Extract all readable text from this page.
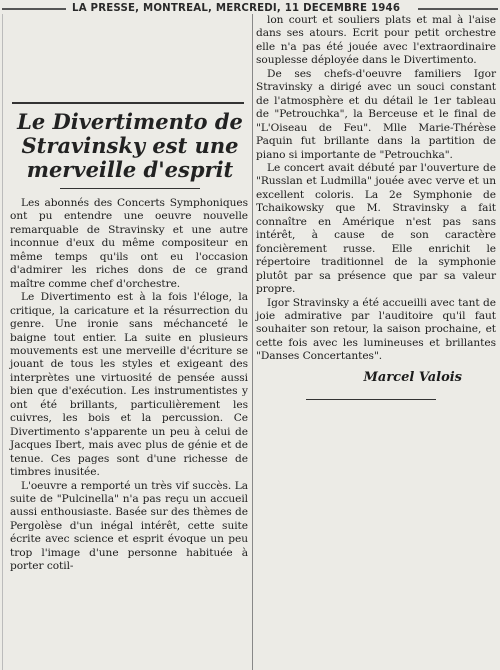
LA PRESSE, MONTREAL, MERCREDI, 11 DECEMBRE 1946
Le Divertimento de Stravinsky est une merveille d'esprit

Les abonnés des Concerts Symphoniques ont pu entendre une oeuvre nouvelle remarquable de Stravinsky et une autre inconnue d'eux du même compositeur en même temps qu'ils ont eu l'occasion d'admirer les riches dons de ce grand maître comme chef d'orchestre.

Le Divertimento est à la fois l'éloge, la critique, la caricature et la résurrection du genre. Une ironie sans méchanceté le baigne tout entier. La suite en plusieurs mouvements est une merveille d'écriture se jouant de tous les styles et exigeant des interprètes une virtuosité de pensée aussi bien que d'exécution. Les instrumentistes y ont été brillants, particulièrement les cuivres, les bois et la percussion. Ce Divertimento s'apparente un peu à celui de Jacques Ibert, mais avec plus de génie et de tenue. Ces pages sont d'une richesse de timbres inusitée.

L'oeuvre a remporté un très vif succès. La suite de "Pulcinella" n'a pas reçu un accueil aussi enthousiaste. Basée sur des thèmes de Pergolèse d'un inégal intérêt, cette suite écrite avec science et esprit évoque un peu trop l'image d'une personne habituée à porter cotil-

lon court et souliers plats et mal à l'aise dans ses atours. Ecrit pour petit orchestre elle n'a pas été jouée avec l'extraordinaire souplesse déployée dans le Divertimento.

De ses chefs-d'oeuvre familiers Igor Stravinsky a dirigé avec un souci constant de l'atmosphère et du détail le 1er tableau de "Petrouchka", la Berceuse et le final de "L'Oiseau de Feu". Mlle Marie-Thérèse Paquin fut brillante dans la partition de piano si importante de "Petrouchka".

Le concert avait débuté par l'ouverture de "Russlan et Ludmilla" jouée avec verve et un excellent coloris. La 2e Symphonie de Tchaikowsky que M. Stravinsky a fait connaître en Amérique n'est pas sans intérêt, à cause de son caractère foncièrement russe. Elle enrichit le répertoire traditionnel de la symphonie plutôt par sa présence que par sa valeur propre.

Igor Stravinsky a été accueilli avec tant de joie admirative par l'auditoire qu'il faut souhaiter son retour, la saison prochaine, et cette fois avec les lumineuses et brillantes "Danses Concertantes".

Marcel Valois
